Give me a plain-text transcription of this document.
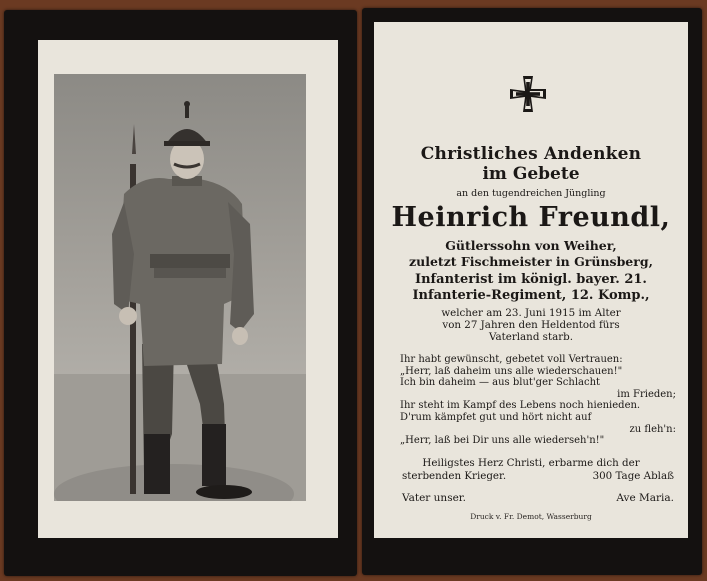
Christliches Andenken
im Gebete
an den tugendreichen Jüngling
Heinrich Freundl,
Gütlerssohn von Weiher,
zuletzt Fischmeister in Grünsberg,
Infanterist im königl. bayer. 21.
Infanterie-Regiment, 12. Komp.,
welcher am 23. Juni 1915 im Alter
von 27 Jahren den Heldentod fürs
Vaterland starb.
Ihr habt gewünscht, gebetet voll Vertrauen:
„Herr, laß daheim uns alle wiederschauen!"
Ich bin daheim — aus blut'ger Schlacht
im Frieden;
Ihr steht im Kampf des Lebens noch hienieden.
D'rum kämpfet gut und hört nicht auf
zu fleh'n:
„Herr, laß bei Dir uns alle wiederseh'n!"
Heiligstes Herz Christi, erbarme dich der
sterbenden Krieger.	300 Tage Ablaß
Vater unser.	Ave Maria.
Druck v. Fr. Demot, Wasserburg
